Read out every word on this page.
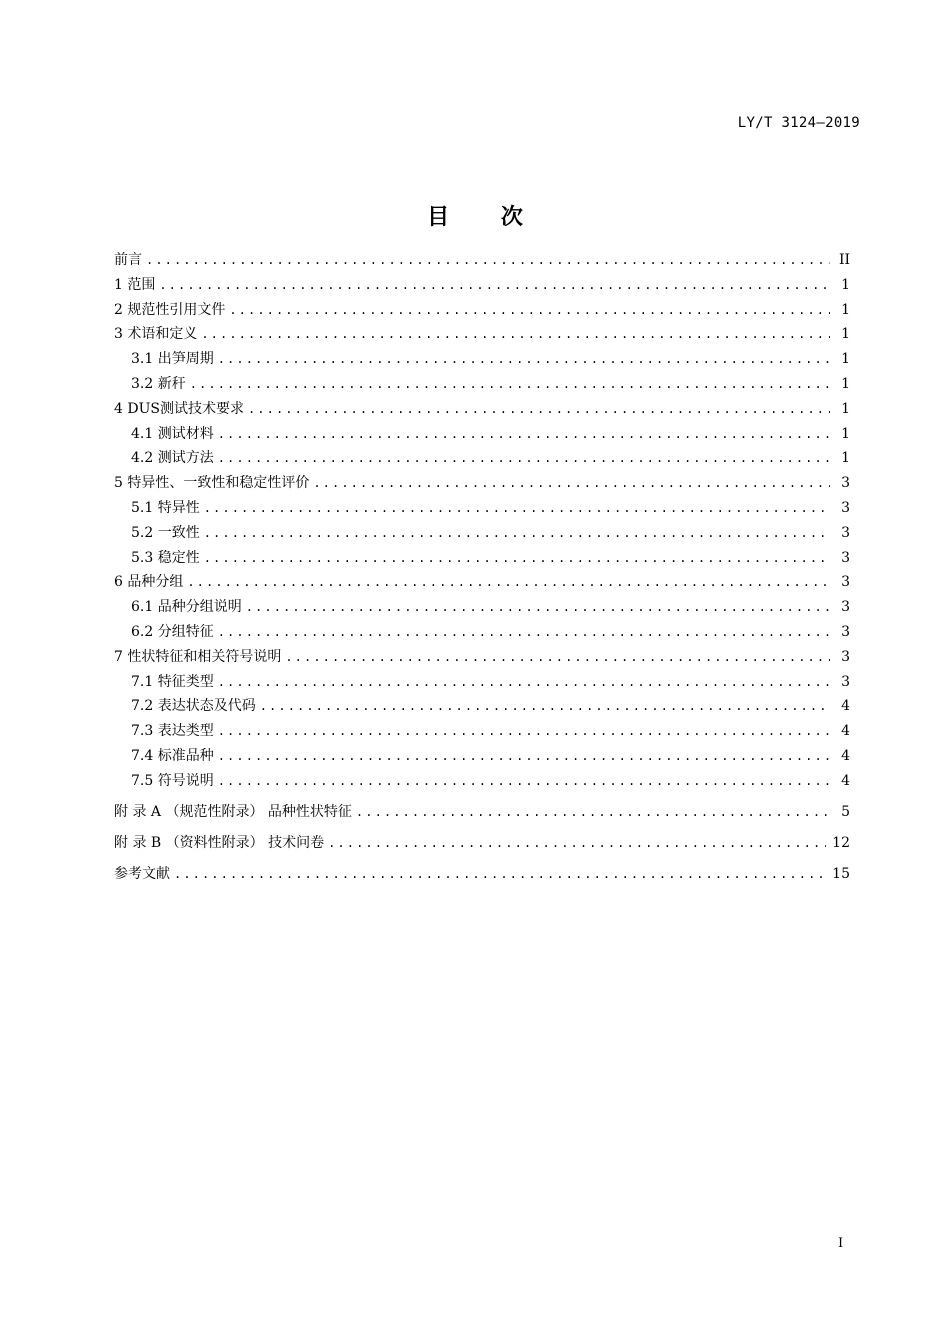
LY/T 3124—2019
目 次
前言 .....	II
1 范围 .....	1
2 规范性引用文件 .....	1
3 术语和定义 .....	1
3.1 出笋周期 .....	1
3.2 新秆 .....	1
4 DUS测试技术要求 .....	1
4.1 测试材料 .....	1
4.2 测试方法 .....	1
5 特异性、一致性和稳定性评价 .....	3
5.1 特异性 .....	3
5.2 一致性 .....	3
5.3 稳定性 .....	3
6 品种分组 .....	3
6.1 品种分组说明 .....	3
6.2 分组特征 .....	3
7 性状特征和相关符号说明 .....	3
7.1 特征类型 .....	3
7.2 表达状态及代码 .....	4
7.3 表达类型 .....	4
7.4 标准品种 .....	4
7.5 符号说明 .....	4
附 录 A （规范性附录） 品种性状特征 .....	5
附 录 B （资料性附录） 技术问卷 .....	12
参考文献 .....	15
I
